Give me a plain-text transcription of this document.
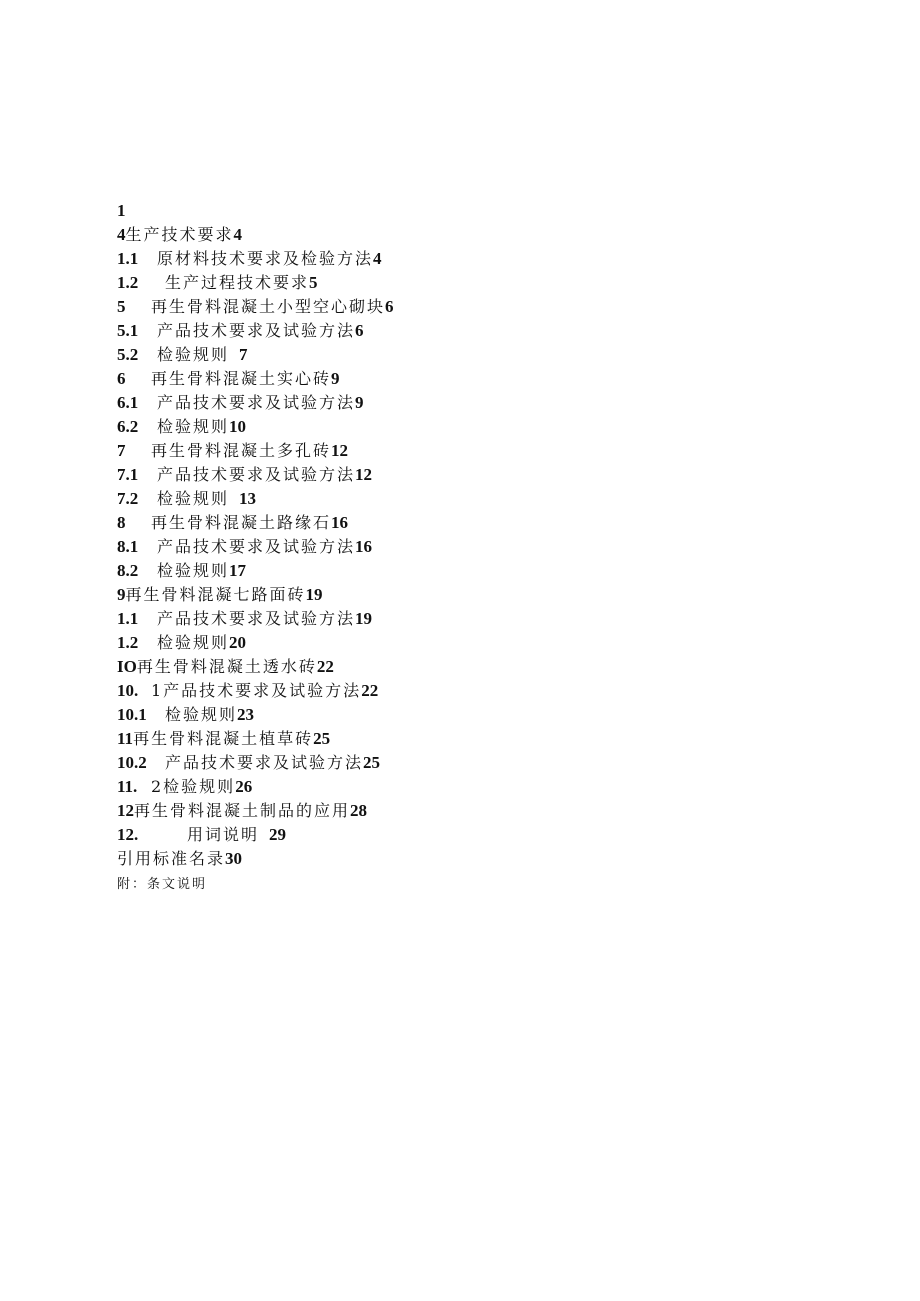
1
4生产技术要求4
1.1 原材料技术要求及检验方法4
1.2 生产过程技术要求5
5 再生骨料混凝土小型空心砌块6
5.1 产品技术要求及试验方法6
5.2 检验规则 7
6 再生骨料混凝土实心砖9
6.1 产品技术要求及试验方法9
6.2 检验规则10
7 再生骨料混凝土多孔砖12
7.1 产品技术要求及试验方法12
7.2 检验规则 13
8 再生骨料混凝土路缘石16
8.1 产品技术要求及试验方法16
8.2 检验规则17
9再生骨料混凝七路面砖19
1.1 产品技术要求及试验方法19
1.2 检验规则20
IO再生骨料混凝土透水砖22
10. 1产品技术要求及试验方法22
10.1 检验规则23
11再生骨料混凝土植草砖25
10.2 产品技术要求及试验方法25
11. 2检验规则26
12再生骨料混凝土制品的应用28
12.	用词说明 29
引用标准名录30
附：条文说明
